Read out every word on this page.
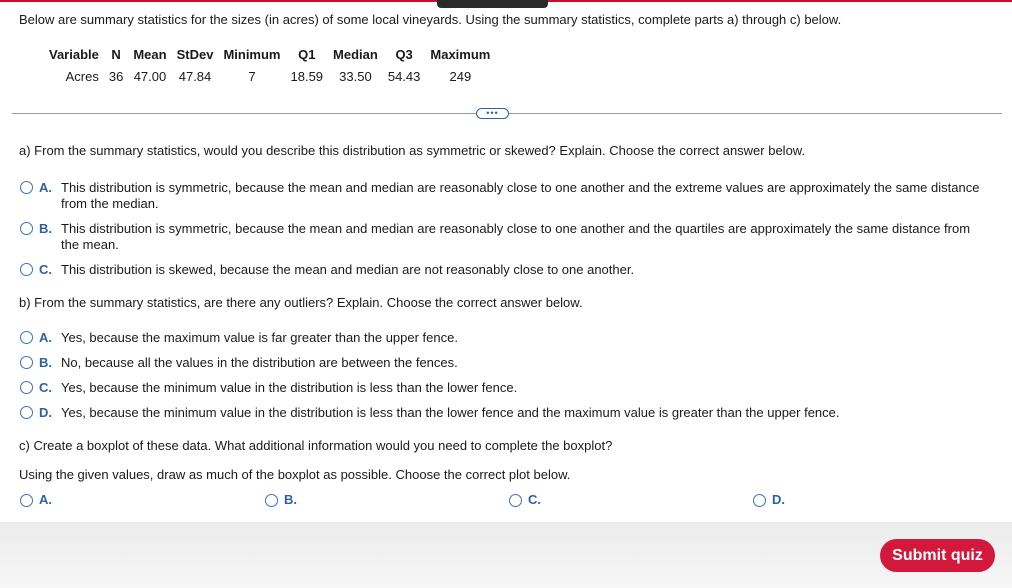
Below are summary statistics for the sizes (in acres) of some local vineyards. Using the summary statistics, complete parts a) through c) below.
Variable	N	Mean	StDev	Minimum	Q1	Median	Q3	Maximum
Acres	36	47.00	47.84	7	18.59	33.50	54.43	249
•••
a) From the summary statistics, would you describe this distribution as symmetric or skewed? Explain. Choose the correct answer below.
A. This distribution is symmetric, because the mean and median are reasonably close to one another and the extreme values are approximately the same distance from the median.
B. This distribution is symmetric, because the mean and median are reasonably close to one another and the quartiles are approximately the same distance from the mean.
C. This distribution is skewed, because the mean and median are not reasonably close to one another.
b) From the summary statistics, are there any outliers? Explain. Choose the correct answer below.
A. Yes, because the maximum value is far greater than the upper fence.
B. No, because all the values in the distribution are between the fences.
C. Yes, because the minimum value in the distribution is less than the lower fence.
D. Yes, because the minimum value in the distribution is less than the lower fence and the maximum value is greater than the upper fence.
c) Create a boxplot of these data. What additional information would you need to complete the boxplot?
Using the given values, draw as much of the boxplot as possible. Choose the correct plot below.
A.	B.	C.	D.
Submit quiz
